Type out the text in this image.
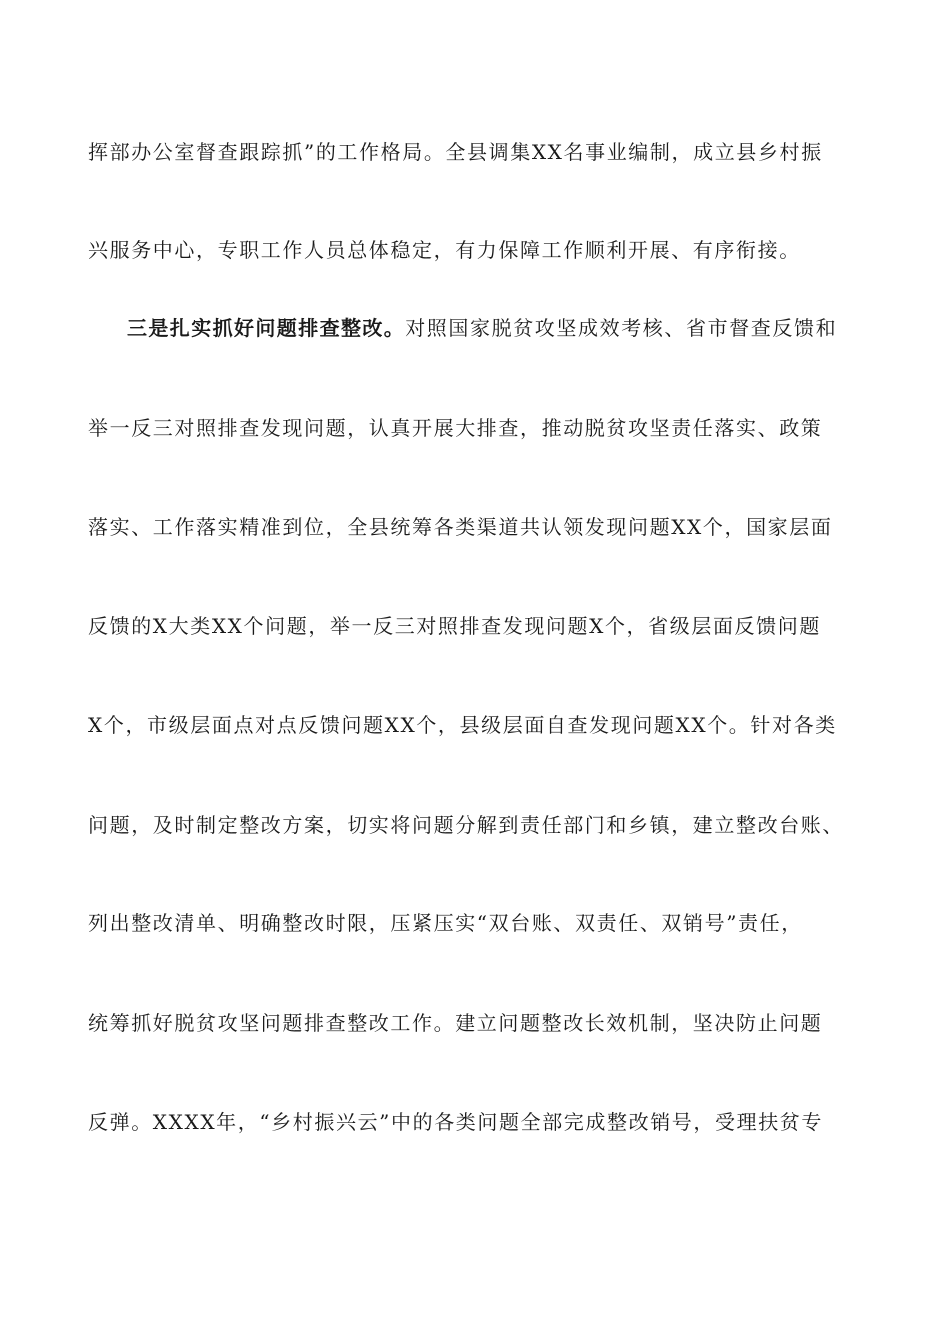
挥部办公室督查跟踪抓”的工作格局。全县调集XX名事业编制，成立县乡村振
兴服务中心，专职工作人员总体稳定，有力保障工作顺利开展、有序衔接。
三是扎实抓好问题排查整改。对照国家脱贫攻坚成效考核、省市督查反馈和
举一反三对照排查发现问题，认真开展大排查，推动脱贫攻坚责任落实、政策
落实、工作落实精准到位，全县统筹各类渠道共认领发现问题XX个，国家层面
反馈的X大类XX个问题，举一反三对照排查发现问题X个，省级层面反馈问题
X个，市级层面点对点反馈问题XX个，县级层面自查发现问题XX个。针对各类
问题，及时制定整改方案，切实将问题分解到责任部门和乡镇，建立整改台账、
列出整改清单、明确整改时限，压紧压实“双台账、双责任、双销号”责任，
统筹抓好脱贫攻坚问题排查整改工作。建立问题整改长效机制，坚决防止问题
反弹。XXXX年，“乡村振兴云”中的各类问题全部完成整改销号，受理扶贫专
